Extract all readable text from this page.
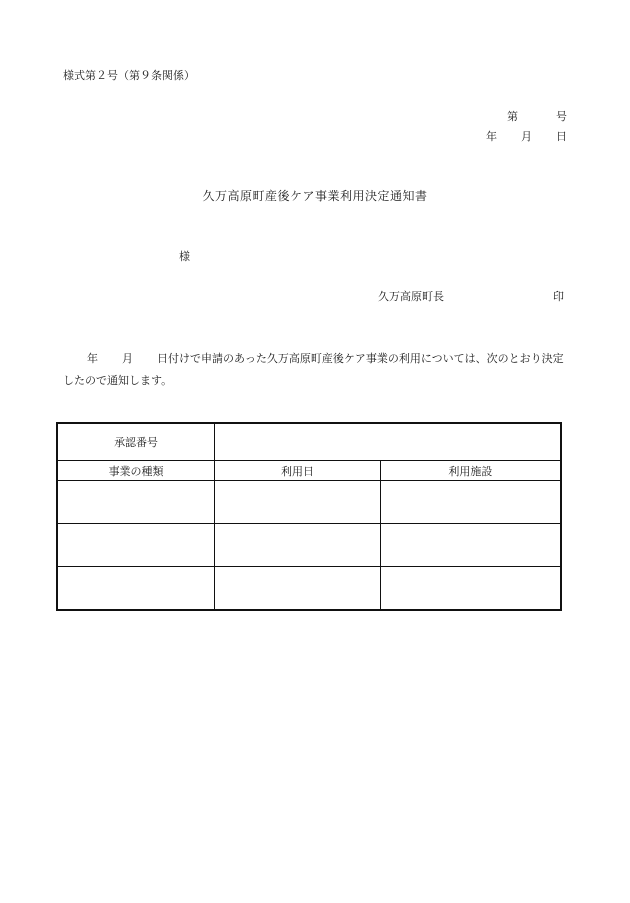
様式第２号（第９条関係）
第	号
年 月 日
久万高原町産後ケア事業利用決定通知書
様
久万高原町長	印
年 月 日付けで申請のあった久万高原町産後ケア事業の利用については、次のとおり決定したので通知します。
承認番号		
事業の種類	利用日	利用施設
